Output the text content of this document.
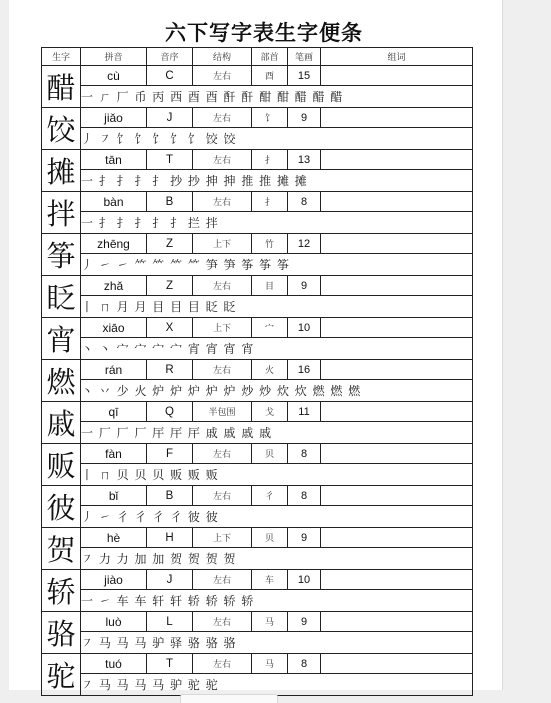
六下写字表生字便条
生字	拼音	音序	结构	部首	笔画	组词
醋	cù	C	左右	酉	15	
	一 ㄏ 厂 币 丙 西 酉 酉 酐 酐 酣 酣 醋 醋 醋					
饺	jiǎo	J	左右	饣	9	
	丿 ㇇ 饣 饣 饣 饣 饣 饺 饺					
摊	tān	T	左右	扌	13	
	一 扌 扌 扌 扌 抄 抄 抻 抻 推 推 摊 摊					
拌	bàn	B	左右	扌	8	
	一 扌 扌 扌 扌 扌 拦 拌					
筝	zhēng	Z	上下	竹	12	
	丿 ㇀ ㇀ ⺮ ⺮ ⺮ ⺮ 笋 笋 筝 筝 筝					
眨	zhǎ	Z	左右	目	9	
	丨 ㄇ 月 月 目 目 目 眨 眨					
宵	xiāo	X	上下	宀	10	
	丶 丶 宀 宀 宀 宀 宵 宵 宵 宵					
燃	rán	R	左右	火	16	
	丶 丷 少 火 炉 炉 炉 炉 炉 炒 炒 炊 炊 燃 燃 燃					
戚	qī	Q	半包围	戈	11	
	一 厂 厂 厂 厈 厈 厈 戚 戚 戚 戚					
贩	fàn	F	左右	贝	8	
	丨 ㄇ 贝 贝 贝 贩 贩 贩					
彼	bǐ	B	左右	彳	8	
	丿 ㇀ 彳 彳 彳 彳 彼 彼					
贺	hè	H	上下	贝	9	
	㇇ 力 力 加 加 贺 贺 贺 贺					
轿	jiào	J	左右	车	10	
	一 ㇀ 车 车 轩 轩 轿 轿 轿 轿					
骆	luò	L	左右	马	9	
	㇇ 马 马 马 驴 驿 骆 骆 骆					
驼	tuó	T	左右	马	8	
	㇇ 马 马 马 马 驴 驼 驼					
